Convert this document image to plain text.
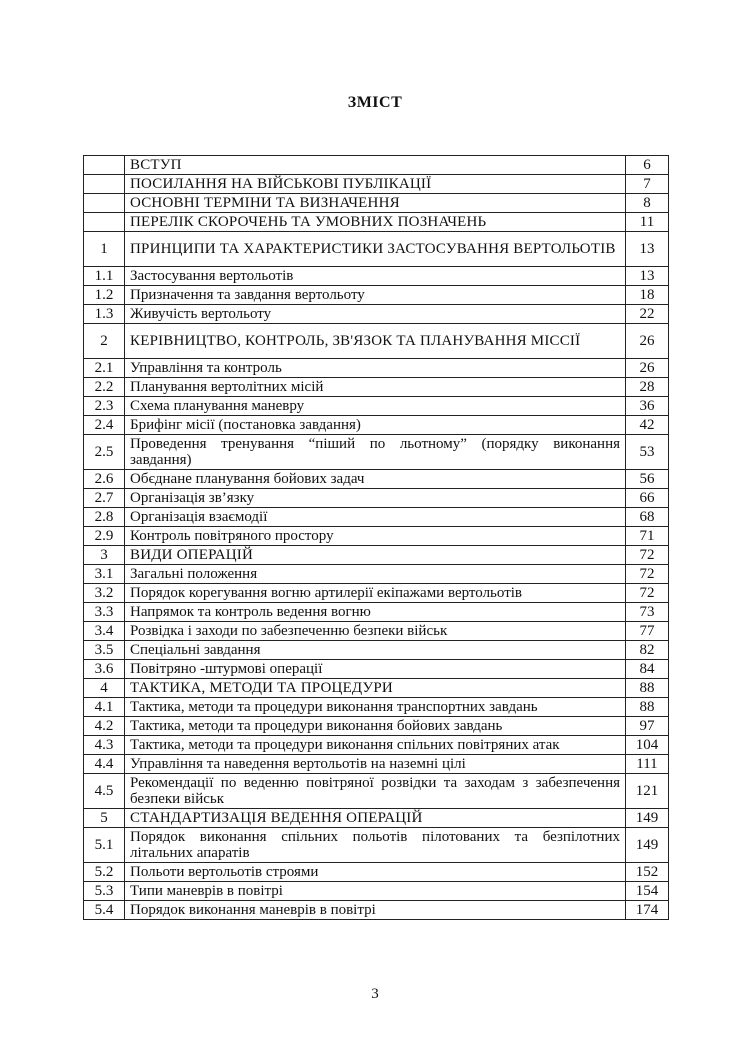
ЗМІСТ
	ВСТУП	6
	ПОСИЛАННЯ НА ВІЙСЬКОВІ ПУБЛІКАЦІЇ	7
	ОСНОВНІ ТЕРМІНИ ТА ВИЗНАЧЕННЯ	8
	ПЕРЕЛІК СКОРОЧЕНЬ ТА УМОВНИХ ПОЗНАЧЕНЬ	11
1	ПРИНЦИПИ ТА ХАРАКТЕРИСТИКИ ЗАСТОСУВАННЯ ВЕРТОЛЬОТІВ	13
1.1	Застосування вертольотів	13
1.2	Призначення та завдання вертольоту	18
1.3	Живучість вертольоту	22
2	КЕРІВНИЦТВО, КОНТРОЛЬ, ЗВ'ЯЗОК ТА ПЛАНУВАННЯ МІССІЇ	26
2.1	Управління та контроль	26
2.2	Планування вертолітних місій	28
2.3	Схема планування маневру	36
2.4	Брифінг місії (постановка завдання)	42
2.5	Проведення тренування “пiший по льотному” (порядку виконання завдання)	53
2.6	Обєднане планування бойових задач	56
2.7	Організація зв’язку	66
2.8	Організація взаємодії	68
2.9	Контроль повітряного простору	71
3	ВИДИ ОПЕРАЦІЙ	72
3.1	Загальні положення	72
3.2	Порядок корегування вогню артилерії екіпажами вертольотів	72
3.3	Напрямок та контроль ведення вогню	73
3.4	Розвідка і заходи по забезпеченню безпеки військ	77
3.5	Спеціальні завдання	82
3.6	Повітряно -штурмові операції	84
4	ТАКТИКА, МЕТОДИ ТА ПРОЦЕДУРИ	88
4.1	Тактика, методи та процедури виконання транспортних завдань	88
4.2	Тактика, методи та процедури виконання бойових завдань	97
4.3	Тактика, методи та процедури виконання спільних повітряних атак	104
4.4	Управління та наведення вертольотів на наземні цілі	111
4.5	Рекомендації по веденню повітряної розвідки та заходам з забезпечення безпеки військ	121
5	СТАНДАРТИЗАЦІЯ ВЕДЕННЯ ОПЕРАЦІЙ	149
5.1	Порядок виконання спільних польотів пілотованих та безпілотних літальних апаратів	149
5.2	Польоти вертольотів строями	152
5.3	Типи маневрів в повітрі	154
5.4	Порядок виконання маневрів в повітрі	174
3
